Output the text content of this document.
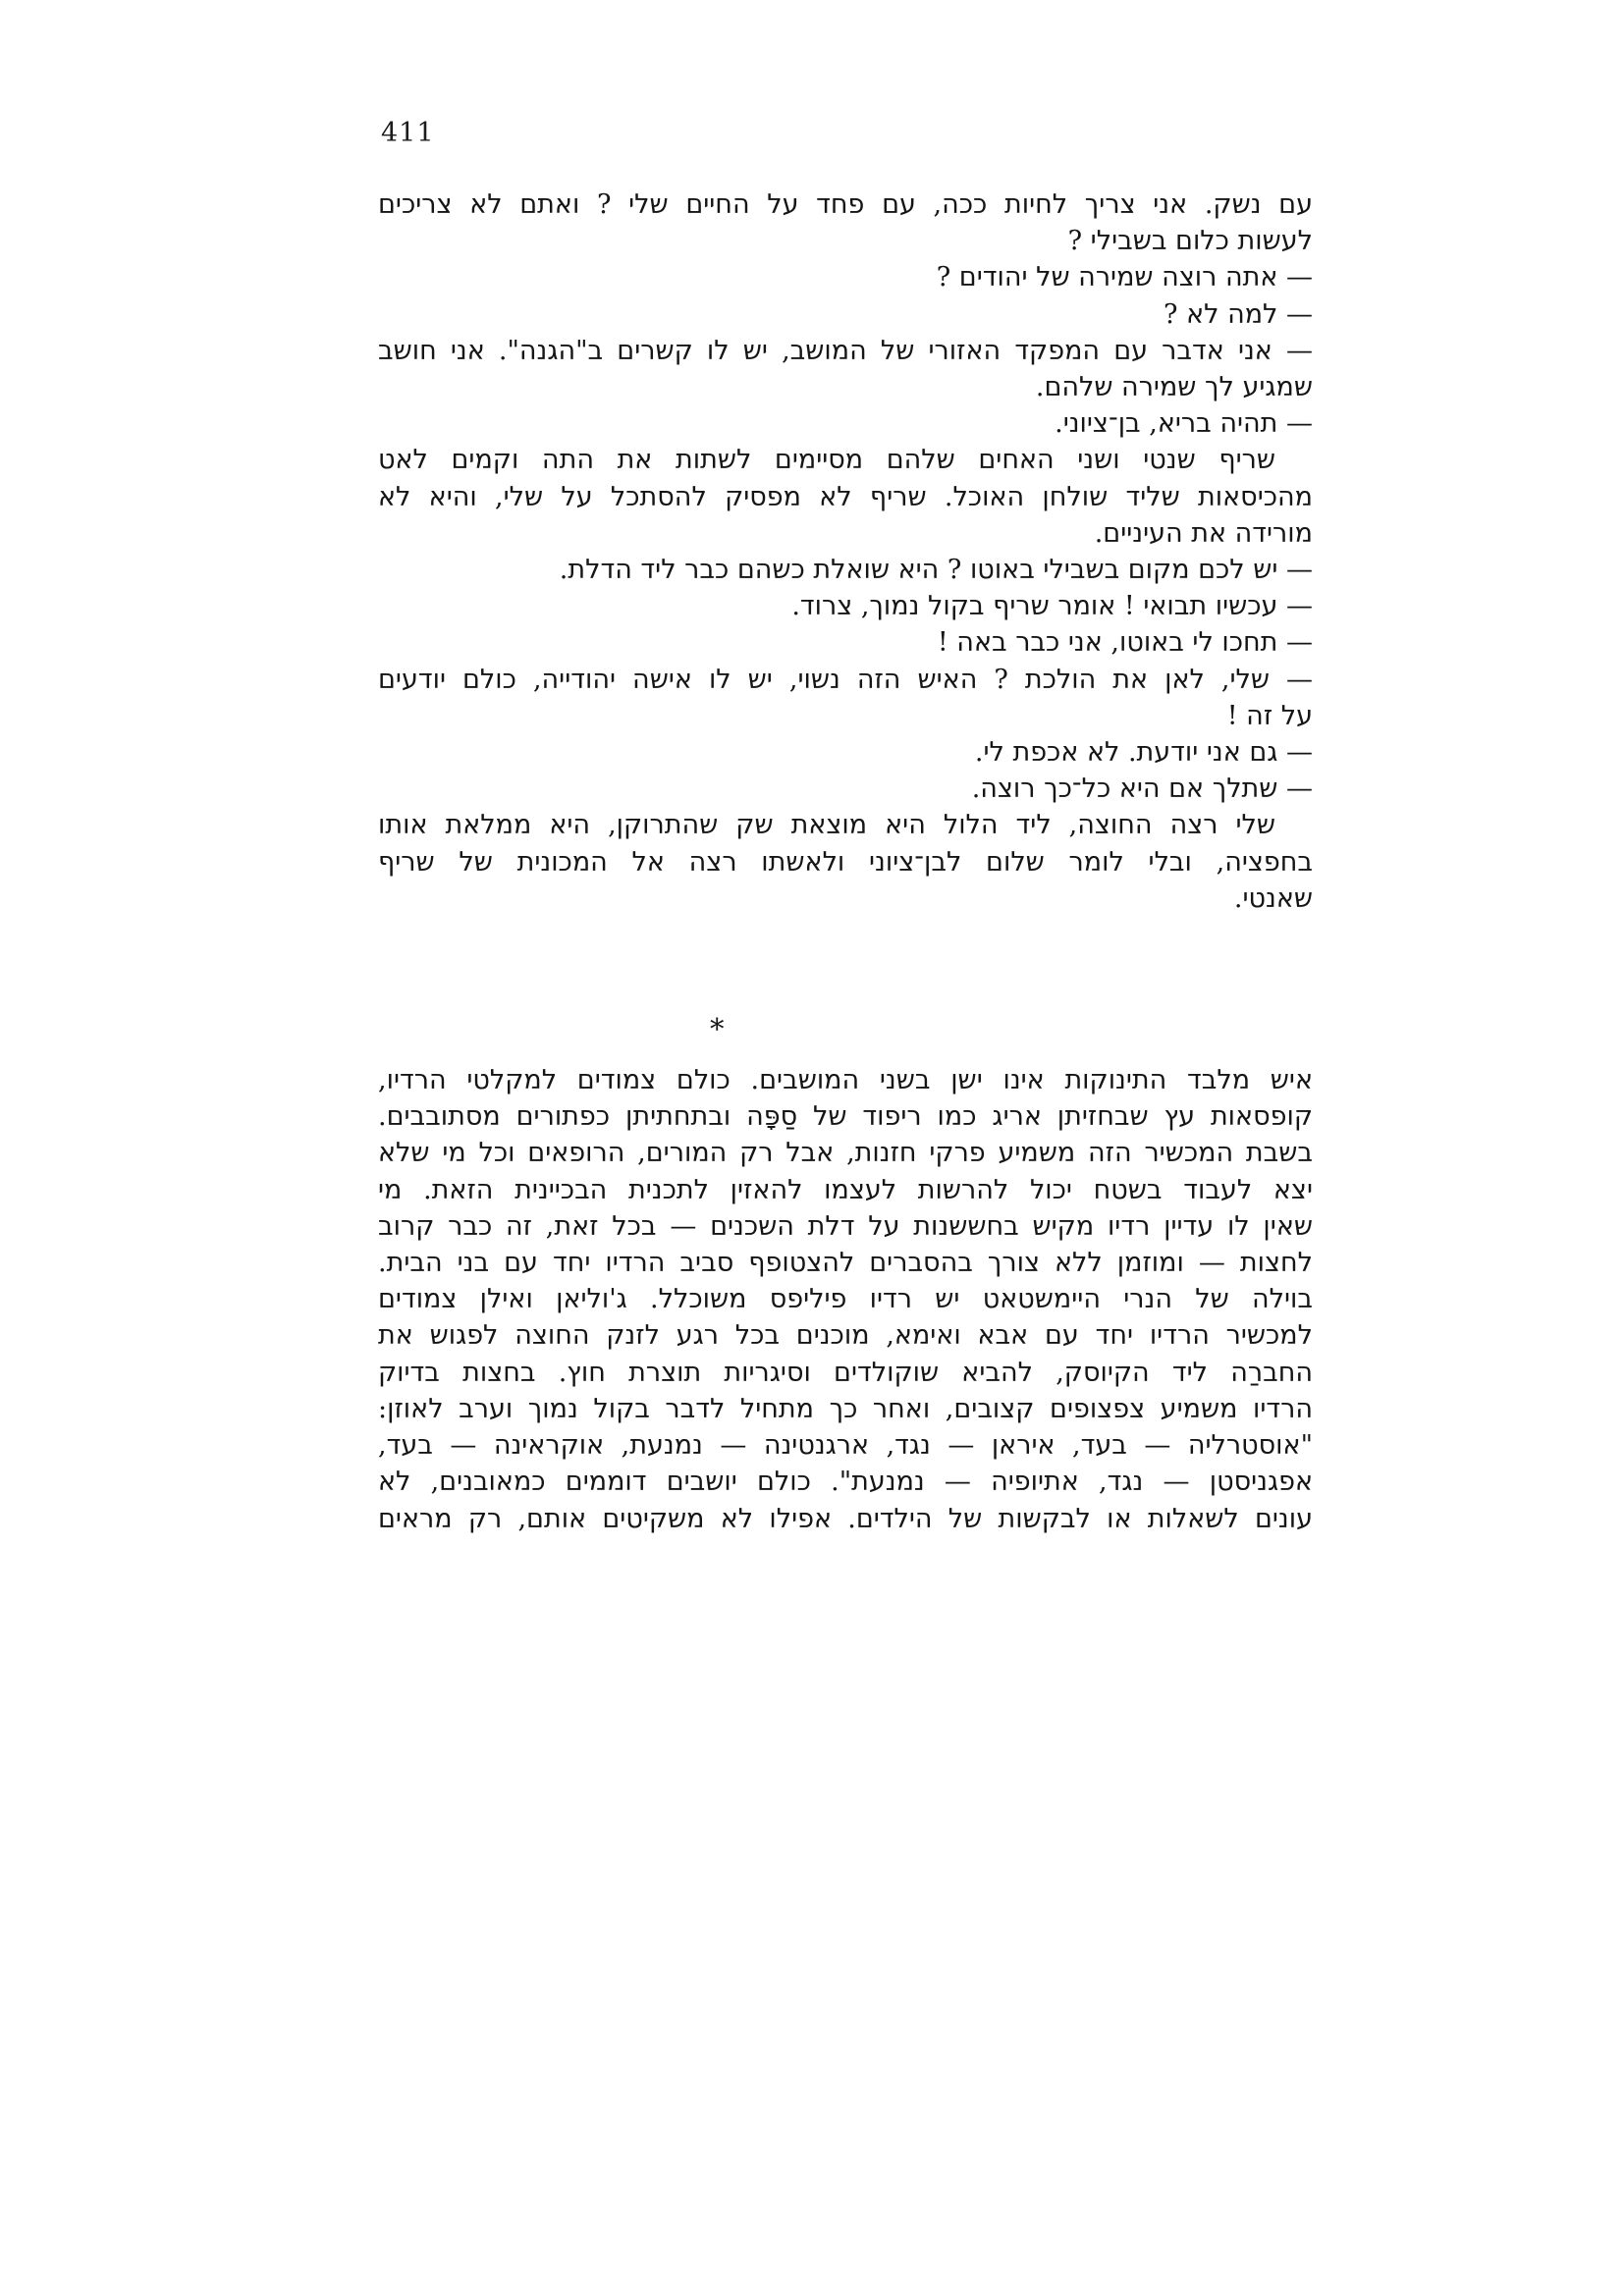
411
עם נשק. אני צריך לחיות ככה, עם פחד על החיים שלי ? ואתם לא צריכים
לעשות כלום בשבילי ?
— אתה רוצה שמירה של יהודים ?
— למה לא ?
— אני אדבר עם המפקד האזורי של המושב, יש לו קשרים ב"הגנה". אני חושב
שמגיע לך שמירה שלהם.
— תהיה בריא, בן־ציוני.
שריף שנטי ושני האחים שלהם מסיימים לשתות את התה וקמים לאט
מהכיסאות שליד שולחן האוכל. שריף לא מפסיק להסתכל על שלי, והיא לא
מורידה את העיניים.
— יש לכם מקום בשבילי באוטו ? היא שואלת כשהם כבר ליד הדלת.
— עכשיו תבואי ! אומר שריף בקול נמוך, צרוד.
— תחכו לי באוטו, אני כבר באה !
— שלי, לאן את הולכת ? האיש הזה נשוי, יש לו אישה יהודייה, כולם יודעים
על זה !
— גם אני יודעת. לא אכפת לי.
— שתלך אם היא כל־כך רוצה.
שלי רצה החוצה, ליד הלול היא מוצאת שק שהתרוקן, היא ממלאת אותו
בחפציה, ובלי לומר שלום לבן־ציוני ולאשתו רצה אל המכונית של שריף
שאנטי.
*
איש מלבד התינוקות אינו ישן בשני המושבים. כולם צמודים למקלטי הרדיו,
קופסאות עץ שבחזיתן אריג כמו ריפוד של סַפָּה ובתחתיתן כפתורים מסתובבים.
בשבת המכשיר הזה משמיע פרקי חזנות, אבל רק המורים, הרופאים וכל מי שלא
יצא לעבוד בשטח יכול להרשות לעצמו להאזין לתכנית הבכיינית הזאת. מי
שאין לו עדיין רדיו מקיש בחששנות על דלת השכנים — בכל זאת, זה כבר קרוב
לחצות — ומוזמן ללא צורך בהסברים להצטופף סביב הרדיו יחד עם בני הבית.
בוילה של הנרי היימשטאט יש רדיו פיליפס משוכלל. ג'וליאן ואילן צמודים
למכשיר הרדיו יחד עם אבא ואימא, מוכנים בכל רגע לזנק החוצה לפגוש את
החברַה ליד הקיוסק, להביא שוקולדים וסיגריות תוצרת חוץ. בחצות בדיוק
הרדיו משמיע צפצופים קצובים, ואחר כך מתחיל לדבר בקול נמוך וערב לאוזן:
"אוסטרליה — בעד, איראן — נגד, ארגנטינה — נמנעת, אוקראינה — בעד,
אפגניסטן — נגד, אתיופיה — נמנעת". כולם יושבים דוממים כמאובנים, לא
עונים לשאלות או לבקשות של הילדים. אפילו לא משקיטים אותם, רק מראים
